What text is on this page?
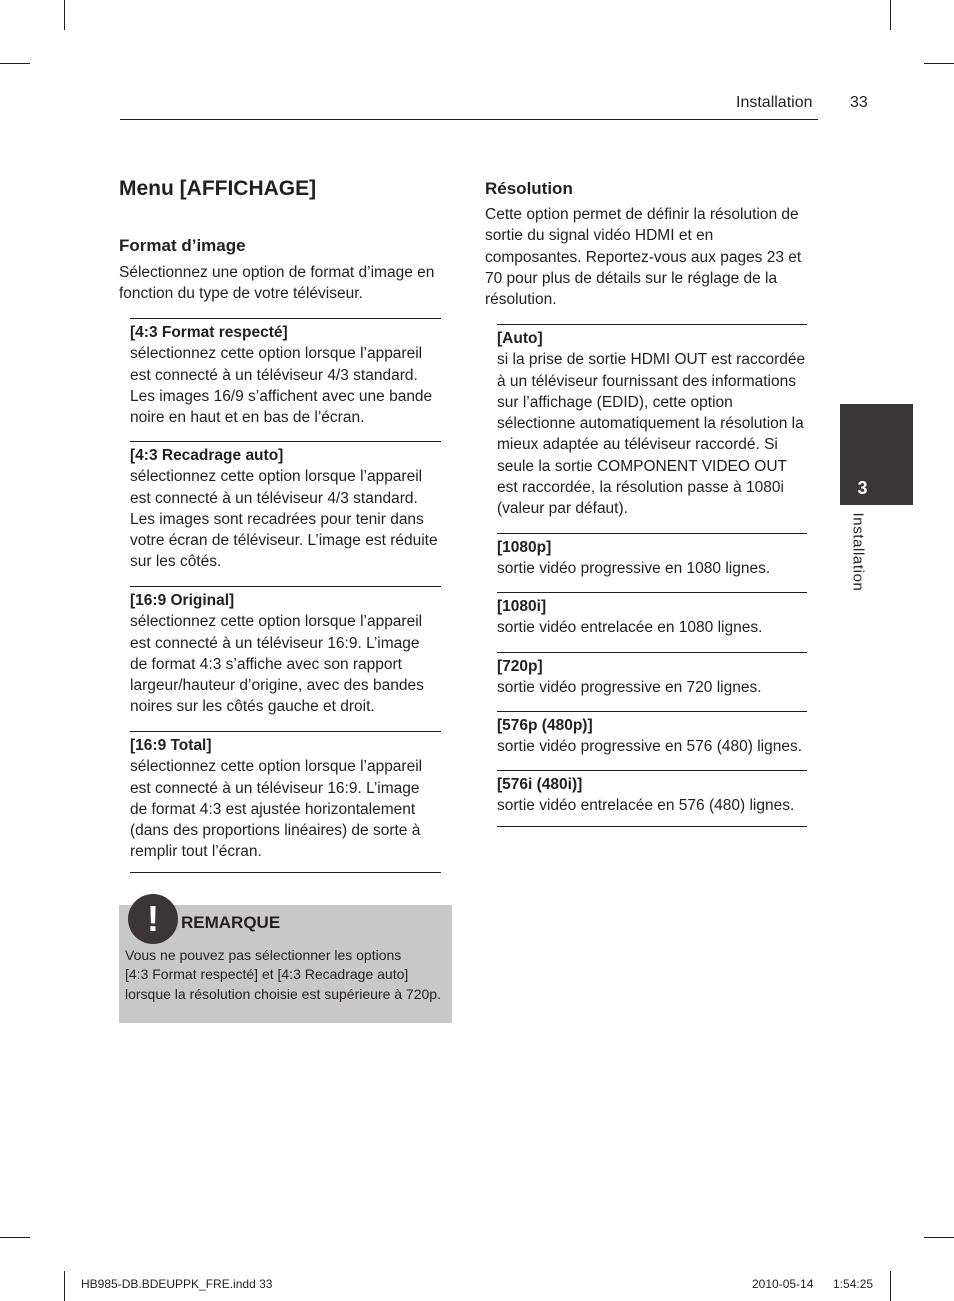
Installation 33
Menu [AFFICHAGE]
Format d’image
Sélectionnez une option de format d’image en fonction du type de votre téléviseur.
[4:3 Format respecté]
sélectionnez cette option lorsque l’appareil est connecté à un téléviseur 4/3 standard. Les images 16/9 s’affichent avec une bande noire en haut et en bas de l’écran.
[4:3 Recadrage auto]
sélectionnez cette option lorsque l’appareil est connecté à un téléviseur 4/3 standard. Les images sont recadrées pour tenir dans votre écran de téléviseur. L’image est réduite sur les côtés.
[16:9 Original]
sélectionnez cette option lorsque l’appareil est connecté à un téléviseur 16:9. L’image de format 4:3 s’affiche avec son rapport largeur/hauteur d’origine, avec des bandes noires sur les côtés gauche et droit.
[16:9 Total]
sélectionnez cette option lorsque l’appareil est connecté à un téléviseur 16:9. L’image de format 4:3 est ajustée horizontalement (dans des proportions linéaires) de sorte à remplir tout l’écran.
!	REMARQUE
Vous ne pouvez pas sélectionner les options
[4:3 Format respecté] et [4:3 Recadrage auto]
lorsque la résolution choisie est supérieure à 720p.
Résolution
Cette option permet de définir la résolution de sortie du signal vidéo HDMI et en composantes. Reportez-vous aux pages 23 et 70 pour plus de détails sur le réglage de la résolution.
[Auto]
si la prise de sortie HDMI OUT est raccordée à un téléviseur fournissant des informations sur l’affichage (EDID), cette option sélectionne automatiquement la résolution la mieux adaptée au téléviseur raccordé. Si seule la sortie COMPONENT VIDEO OUT est raccordée, la résolution passe à 1080i (valeur par défaut).
[1080p]
sortie vidéo progressive en 1080 lignes.
[1080i]
sortie vidéo entrelacée en 1080 lignes.
[720p]
sortie vidéo progressive en 720 lignes.
[576p (480p)]
sortie vidéo progressive en 576 (480) lignes.
[576i (480i)]
sortie vidéo entrelacée en 576 (480) lignes.
3
Installation
HB985-DB.BDEUPPK_FRE.indd 33	2010-05-14 1:54:25
